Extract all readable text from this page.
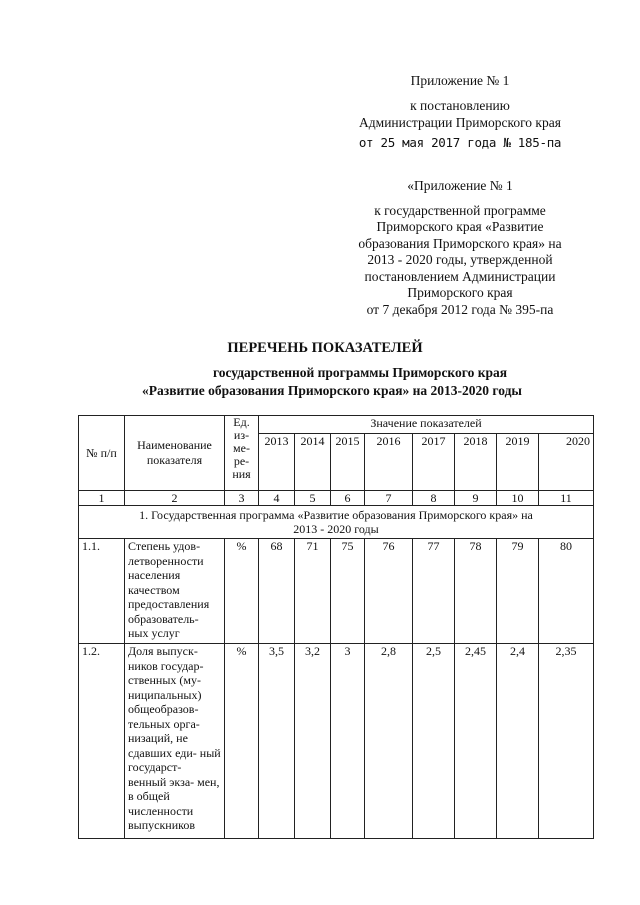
Приложение № 1
к постановлению
Администрации Приморского края
от 25 мая 2017 года № 185-па
«Приложение № 1
к государственной программе
Приморского края «Развитие
образования Приморского края» на
2013 - 2020 годы, утвержденной
постановлением Администрации
Приморского края
от 7 декабря 2012 года № 395-па
ПЕРЕЧЕНЬ ПОКАЗАТЕЛЕЙ
государственной программы Приморского края
«Развитие образования Приморского края» на 2013-2020 годы
№ п/п	Наименование показателя	Ед. из- ме- ре- ния	Значение показателей							
			2013	2014	2015	2016	2017	2018	2019	2020
1	2	3	4	5	6	7	8	9	10	11
1. Государственная программа «Развитие образования Приморского края» на 2013 - 2020 годы										
1.1.	Степень удов- летворенности населения качеством предоставления образователь- ных услуг	%	68	71	75	76	77	78	79	80
1.2.	Доля выпуск- ников государ- ственных (му- ниципальных) общеобразов- тельных орга- низаций, не сдавших еди- ный государст- венный экза- мен, в общей численности выпускников	%	3,5	3,2	3	2,8	2,5	2,45	2,4	2,35
